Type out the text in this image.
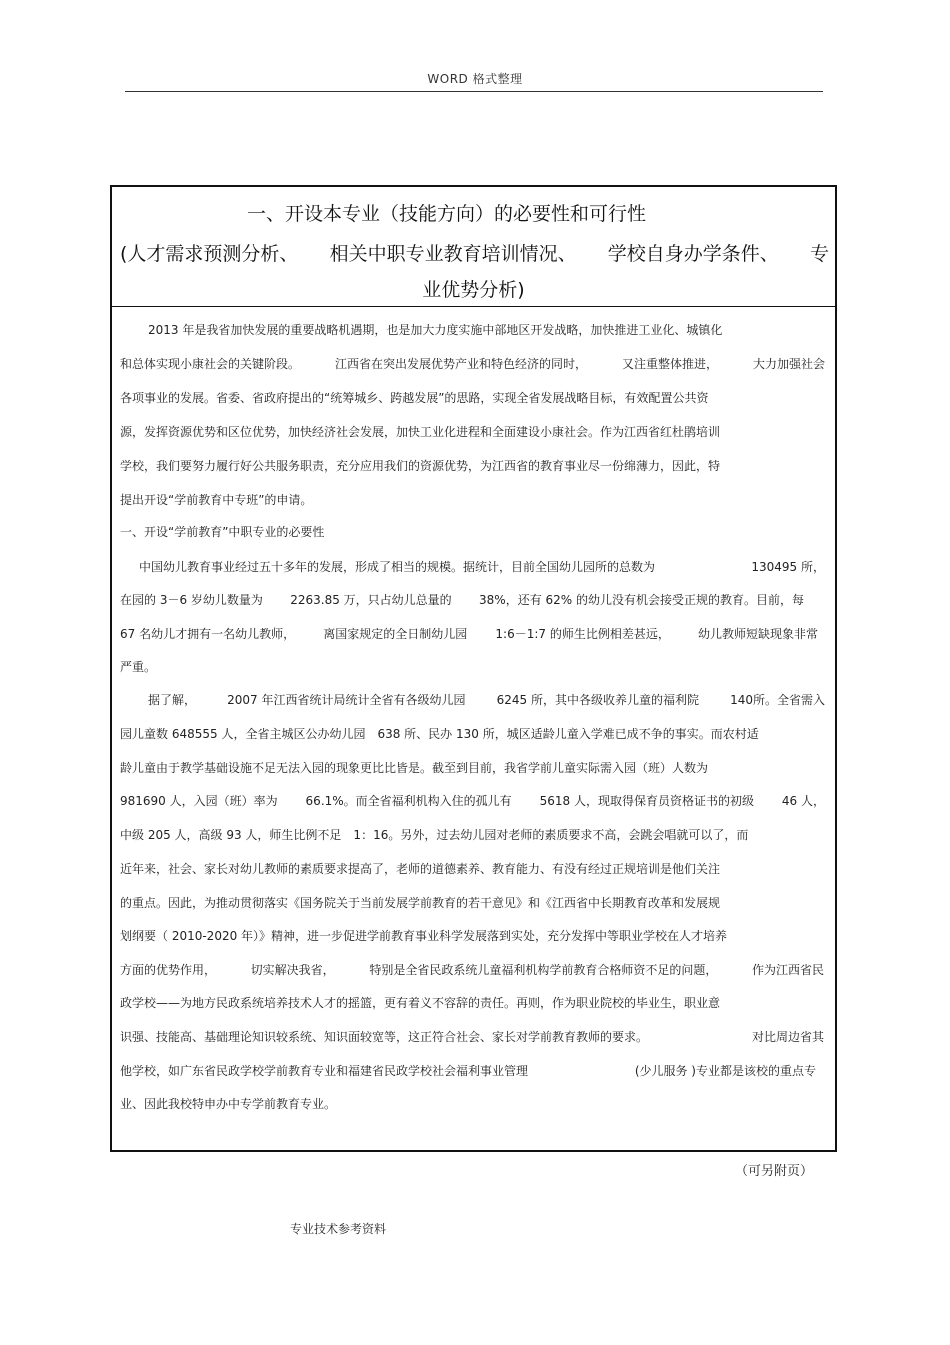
WORD 格式整理
一、开设本专业（技能方向）的必要性和可行性
(人才需求预测分析、 相关中职专业教育培训情况、 学校自身办学条件、 专
业优势分析)
2013 年是我省加快发展的重要战略机遇期，也是加大力度实施中部地区开发战略，加快推进工业化、城镇化
和总体实现小康社会的关键阶段。	江西省在突出发展优势产业和特色经济的同时，	又注重整体推进，	大力加强社会
各项事业的发展。省委、省政府提出的“统筹城乡、跨越发展”的思路，实现全省发展战略目标，有效配置公共资
源，发挥资源优势和区位优势，加快经济社会发展，加快工业化进程和全面建设小康社会。作为江西省红杜鹃培训
学校，我们要努力履行好公共服务职责，充分应用我们的资源优势，为江西省的教育事业尽一份绵薄力，因此，特
提出开设“学前教育中专班”的申请。
一、开设“学前教育”中职专业的必要性
中国幼儿教育事业经过五十多年的发展，形成了相当的规模。据统计，目前全国幼儿园所的总数为	130495 所，
在园的 3－6 岁幼儿数量为 2263.85 万，只占幼儿总量的 38%，还有 62% 的幼儿没有机会接受正规的教育。目前，每
67 名幼儿才拥有一名幼儿教师， 离国家规定的全日制幼儿园 1:6－1:7 的师生比例相差甚远， 幼儿教师短缺现象非常
严重。
据了解，	2007 年江西省统计局统计全省有各级幼儿园	6245 所，其中各级收养儿童的福利院	140所。全省需入
园儿童数 648555 人，全省主城区公办幼儿园　638 所、民办 130 所，城区适龄儿童入学难已成不争的事实。而农村适
龄儿童由于教学基础设施不足无法入园的现象更比比皆是。截至到目前，我省学前儿童实际需入园（班）人数为
981690 人，入园（班）率为 66.1%。而全省福利机构入住的孤儿有 5618 人，现取得保育员资格证书的初级 46 人，
中级 205 人，高级 93 人，师生比例不足　1：16。另外，过去幼儿园对老师的素质要求不高，会跳会唱就可以了，而
近年来，社会、家长对幼儿教师的素质要求提高了，老师的道德素养、教育能力、有没有经过正规培训是他们关注
的重点。因此，为推动贯彻落实《国务院关于当前发展学前教育的若干意见》和《江西省中长期教育改革和发展规
划纲要（ 2010-2020 年）》精神，进一步促进学前教育事业科学发展落到实处，充分发挥中等职业学校在人才培养
方面的优势作用，	切实解决我省，	特别是全省民政系统儿童福利机构学前教育合格师资不足的问题，	作为江西省民
政学校——为地方民政系统培养技术人才的摇篮，更有着义不容辞的责任。再则，作为职业院校的毕业生，职业意
识强、技能高、基础理论知识较系统、知识面较宽等，这正符合社会、家长对学前教育教师的要求。	对比周边省其
他学校，如广东省民政学校学前教育专业和福建省民政学校社会福利事业管理	(少儿服务 )专业都是该校的重点专
业、因此我校特申办中专学前教育专业。
（可另附页）
专业技术参考资料
